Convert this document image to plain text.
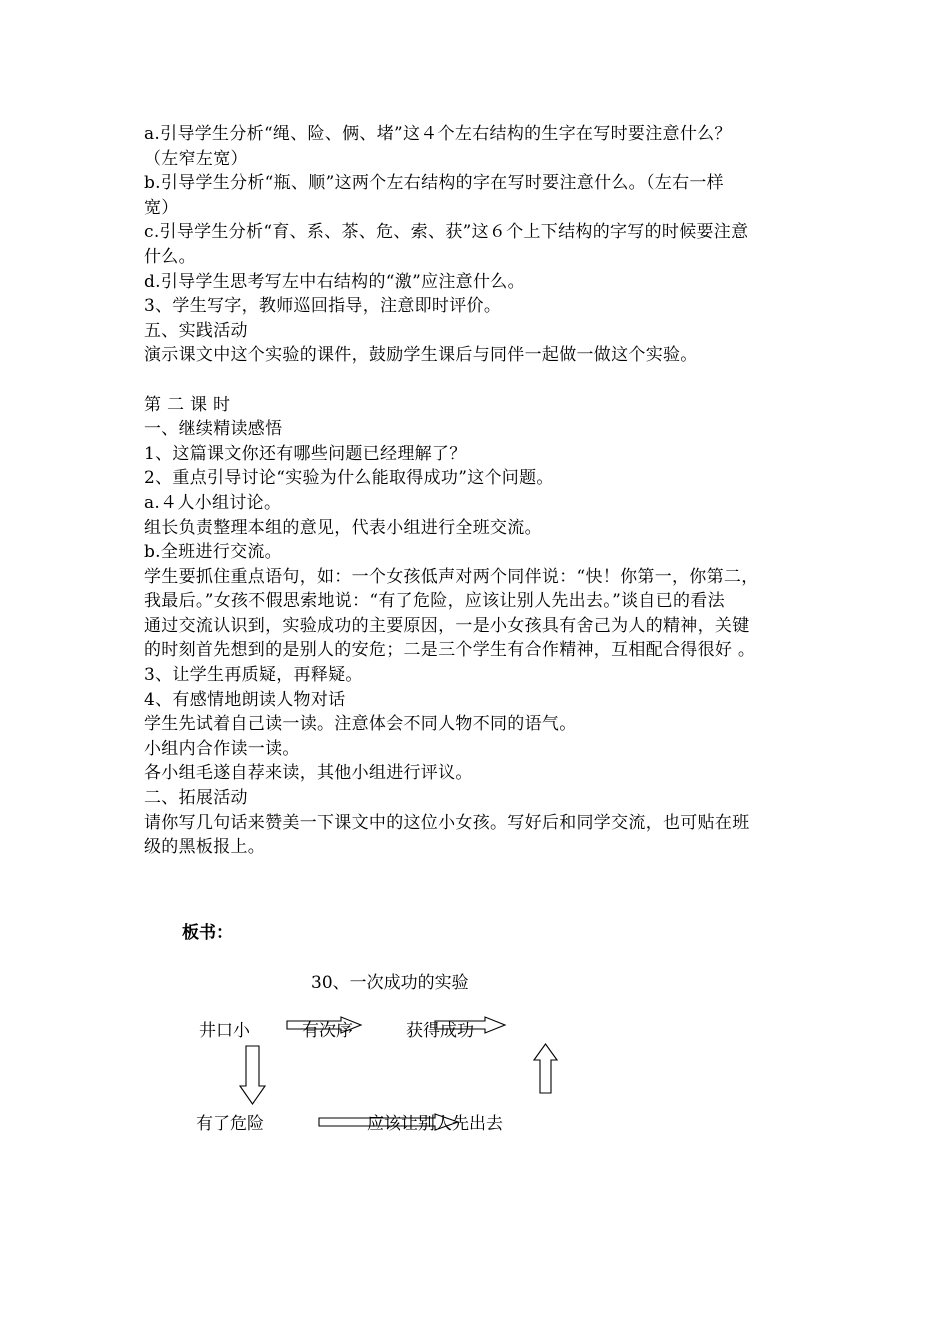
a.引导学生分析“绳、险、俩、堵”这４个左右结构的生字在写时要注意什么？
（左窄左宽）
b.引导学生分析“瓶、顺”这两个左右结构的字在写时要注意什么。（左右一样
宽）
c.引导学生分析“育、系、茶、危、索、获”这６个上下结构的字写的时候要注意
什么。
d.引导学生思考写左中右结构的“激”应注意什么。
3、学生写字，教师巡回指导，注意即时评价。
五、实践活动
演示课文中这个实验的课件，鼓励学生课后与同伴一起做一做这个实验。
第 二 课 时
一、继续精读感悟
1、这篇课文你还有哪些问题已经理解了？
2、重点引导讨论“实验为什么能取得成功”这个问题。
a.４人小组讨论。
组长负责整理本组的意见，代表小组进行全班交流。
b.全班进行交流。
学生要抓住重点语句，如：一个女孩低声对两个同伴说：“快！你第一，你第二，
我最后。”女孩不假思索地说：“有了危险，应该让别人先出去。”谈自已的看法
通过交流认识到，实验成功的主要原因，一是小女孩具有舍己为人的精神，关键
的时刻首先想到的是别人的安危；二是三个学生有合作精神，互相配合得很好 。
3、让学生再质疑，再释疑。
4、有感情地朗读人物对话
学生先试着自己读一读。注意体会不同人物不同的语气。
小组内合作读一读。
各小组毛遂自荐来读，其他小组进行评议。
二、拓展活动
请你写几句话来赞美一下课文中的这位小女孩。写好后和同学交流，也可贴在班
级的黑板报上。
板书：
30、一次成功的实验
井口小	有次序	获得成功
有了危险	应该让别人先出去
